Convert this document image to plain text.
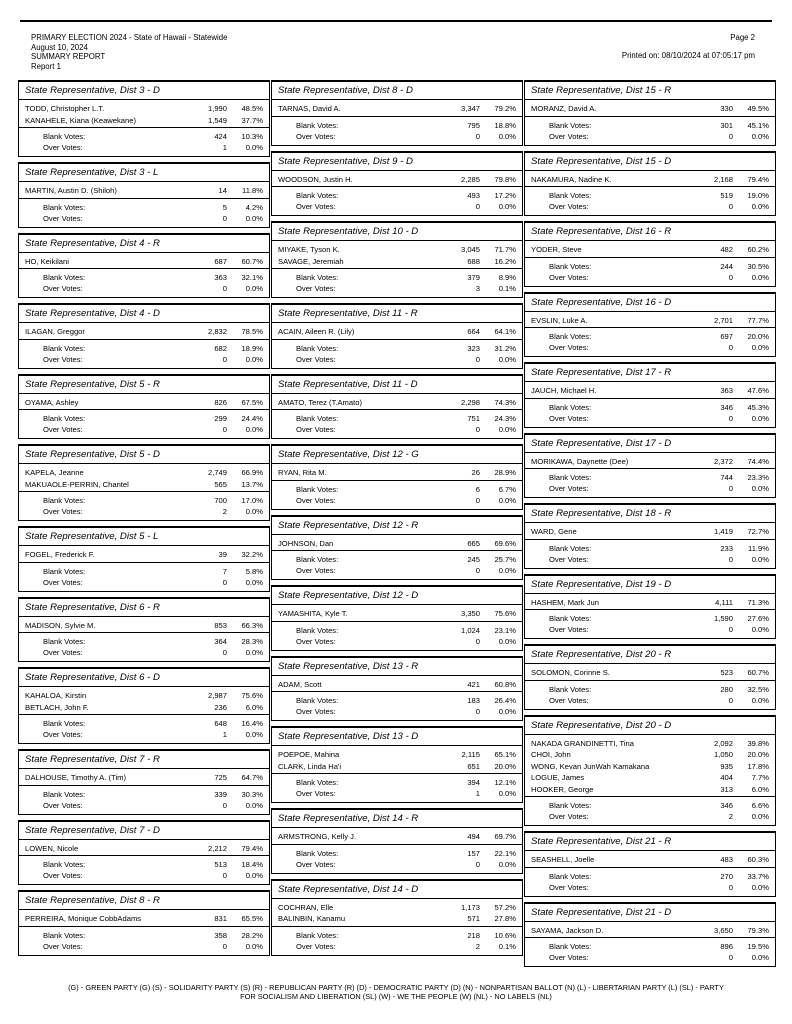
PRIMARY ELECTION 2024 - State of Hawaii - Statewide
August 10, 2024
SUMMARY REPORT
Report 1
Page 2
Printed on: 08/10/2024 at 07:05:17 pm
State Representative, Dist 3 - D
TODD, Christopher L.T.	1,990	48.5%
KANAHELE, Kiana (Keawekane)	1,549	37.7%
Blank Votes:	424	10.3%
Over Votes:	1	0.0%
State Representative, Dist 3 - L
MARTIN, Austin D. (Shiloh)	14	11.8%
Blank Votes:	5	4.2%
Over Votes:	0	0.0%
State Representative, Dist 4 - R
HO, Keikilani	687	60.7%
Blank Votes:	363	32.1%
Over Votes:	0	0.0%
State Representative, Dist 4 - D
ILAGAN, Greggor	2,832	78.5%
Blank Votes:	682	18.9%
Over Votes:	0	0.0%
State Representative, Dist 5 - R
OYAMA, Ashley	826	67.5%
Blank Votes:	299	24.4%
Over Votes:	0	0.0%
State Representative, Dist 5 - D
KAPELA, Jeanne	2,749	66.9%
MAKUAOLE-PERRIN, Chantel	565	13.7%
Blank Votes:	700	17.0%
Over Votes:	2	0.0%
State Representative, Dist 5 - L
FOGEL, Frederick F.	39	32.2%
Blank Votes:	7	5.8%
Over Votes:	0	0.0%
State Representative, Dist 6 - R
MADISON, Sylvie M.	853	66.3%
Blank Votes:	364	28.3%
Over Votes:	0	0.0%
State Representative, Dist 6 - D
KAHALOA, Kirstin	2,987	75.6%
BETLACH, John F.	236	6.0%
Blank Votes:	648	16.4%
Over Votes:	1	0.0%
State Representative, Dist 7 - R
DALHOUSE, Timothy A. (Tim)	725	64.7%
Blank Votes:	339	30.3%
Over Votes:	0	0.0%
State Representative, Dist 7 - D
LOWEN, Nicole	2,212	79.4%
Blank Votes:	513	18.4%
Over Votes:	0	0.0%
State Representative, Dist 8 - R
PERREIRA, Monique CobbAdams	831	65.5%
Blank Votes:	358	28.2%
Over Votes:	0	0.0%
State Representative, Dist 8 - D
TARNAS, David A.	3,347	79.2%
Blank Votes:	795	18.8%
Over Votes:	0	0.0%
State Representative, Dist 9 - D
WOODSON, Justin H.	2,285	79.8%
Blank Votes:	493	17.2%
Over Votes:	0	0.0%
State Representative, Dist 10 - D
MIYAKE, Tyson K.	3,045	71.7%
SAVAGE, Jeremiah	688	16.2%
Blank Votes:	379	8.9%
Over Votes:	3	0.1%
State Representative, Dist 11 - R
ACAIN, Aileen R. (Lily)	664	64.1%
Blank Votes:	323	31.2%
Over Votes:	0	0.0%
State Representative, Dist 11 - D
AMATO, Terez (T.Amato)	2,298	74.3%
Blank Votes:	751	24.3%
Over Votes:	0	0.0%
State Representative, Dist 12 - G
RYAN, Rita M.	26	28.9%
Blank Votes:	6	6.7%
Over Votes:	0	0.0%
State Representative, Dist 12 - R
JOHNSON, Dan	665	69.6%
Blank Votes:	245	25.7%
Over Votes:	0	0.0%
State Representative, Dist 12 - D
YAMASHITA, Kyle T.	3,350	75.6%
Blank Votes:	1,024	23.1%
Over Votes:	0	0.0%
State Representative, Dist 13 - R
ADAM, Scott	421	60.8%
Blank Votes:	183	26.4%
Over Votes:	0	0.0%
State Representative, Dist 13 - D
POEPOE, Mahina	2,115	65.1%
CLARK, Linda Ha'i	651	20.0%
Blank Votes:	394	12.1%
Over Votes:	1	0.0%
State Representative, Dist 14 - R
ARMSTRONG, Kelly J.	494	69.7%
Blank Votes:	157	22.1%
Over Votes:	0	0.0%
State Representative, Dist 14 - D
COCHRAN, Elle	1,173	57.2%
BALINBIN, Kanamu	571	27.8%
Blank Votes:	218	10.6%
Over Votes:	2	0.1%
State Representative, Dist 15 - R
MORANZ, David A.	330	49.5%
Blank Votes:	301	45.1%
Over Votes:	0	0.0%
State Representative, Dist 15 - D
NAKAMURA, Nadine K.	2,168	79.4%
Blank Votes:	519	19.0%
Over Votes:	0	0.0%
State Representative, Dist 16 - R
YODER, Steve	482	60.2%
Blank Votes:	244	30.5%
Over Votes:	0	0.0%
State Representative, Dist 16 - D
EVSLIN, Luke A.	2,701	77.7%
Blank Votes:	697	20.0%
Over Votes:	0	0.0%
State Representative, Dist 17 - R
JAUCH, Michael H.	363	47.6%
Blank Votes:	346	45.3%
Over Votes:	0	0.0%
State Representative, Dist 17 - D
MORIKAWA, Daynette (Dee)	2,372	74.4%
Blank Votes:	744	23.3%
Over Votes:	0	0.0%
State Representative, Dist 18 - R
WARD, Gene	1,419	72.7%
Blank Votes:	233	11.9%
Over Votes:	0	0.0%
State Representative, Dist 19 - D
HASHEM, Mark Jun	4,111	71.3%
Blank Votes:	1,590	27.6%
Over Votes:	0	0.0%
State Representative, Dist 20 - R
SOLOMON, Corinne S.	523	60.7%
Blank Votes:	280	32.5%
Over Votes:	0	0.0%
State Representative, Dist 20 - D
NAKADA GRANDINETTI, Tina	2,092	39.8%
CHOI, John	1,050	20.0%
WONG, Kevan JunWah Kamakana	935	17.8%
LOGUE, James	404	7.7%
HOOKER, George	313	6.0%
Blank Votes:	346	6.6%
Over Votes:	2	0.0%
State Representative, Dist 21 - R
SEASHELL, Joelle	483	60.3%
Blank Votes:	270	33.7%
Over Votes:	0	0.0%
State Representative, Dist 21 - D
SAYAMA, Jackson D.	3,650	79.3%
Blank Votes:	896	19.5%
Over Votes:	0	0.0%
(G) - GREEN PARTY (G) (S) - SOLIDARITY PARTY (S) (R) - REPUBLICAN PARTY (R) (D) - DEMOCRATIC PARTY (D) (N) - NONPARTISAN BALLOT (N) (L) - LIBERTARIAN PARTY (L) (SL) - PARTY
FOR SOCIALISM AND LIBERATION (SL) (W) - WE THE PEOPLE (W) (NL) - NO LABELS (NL)
